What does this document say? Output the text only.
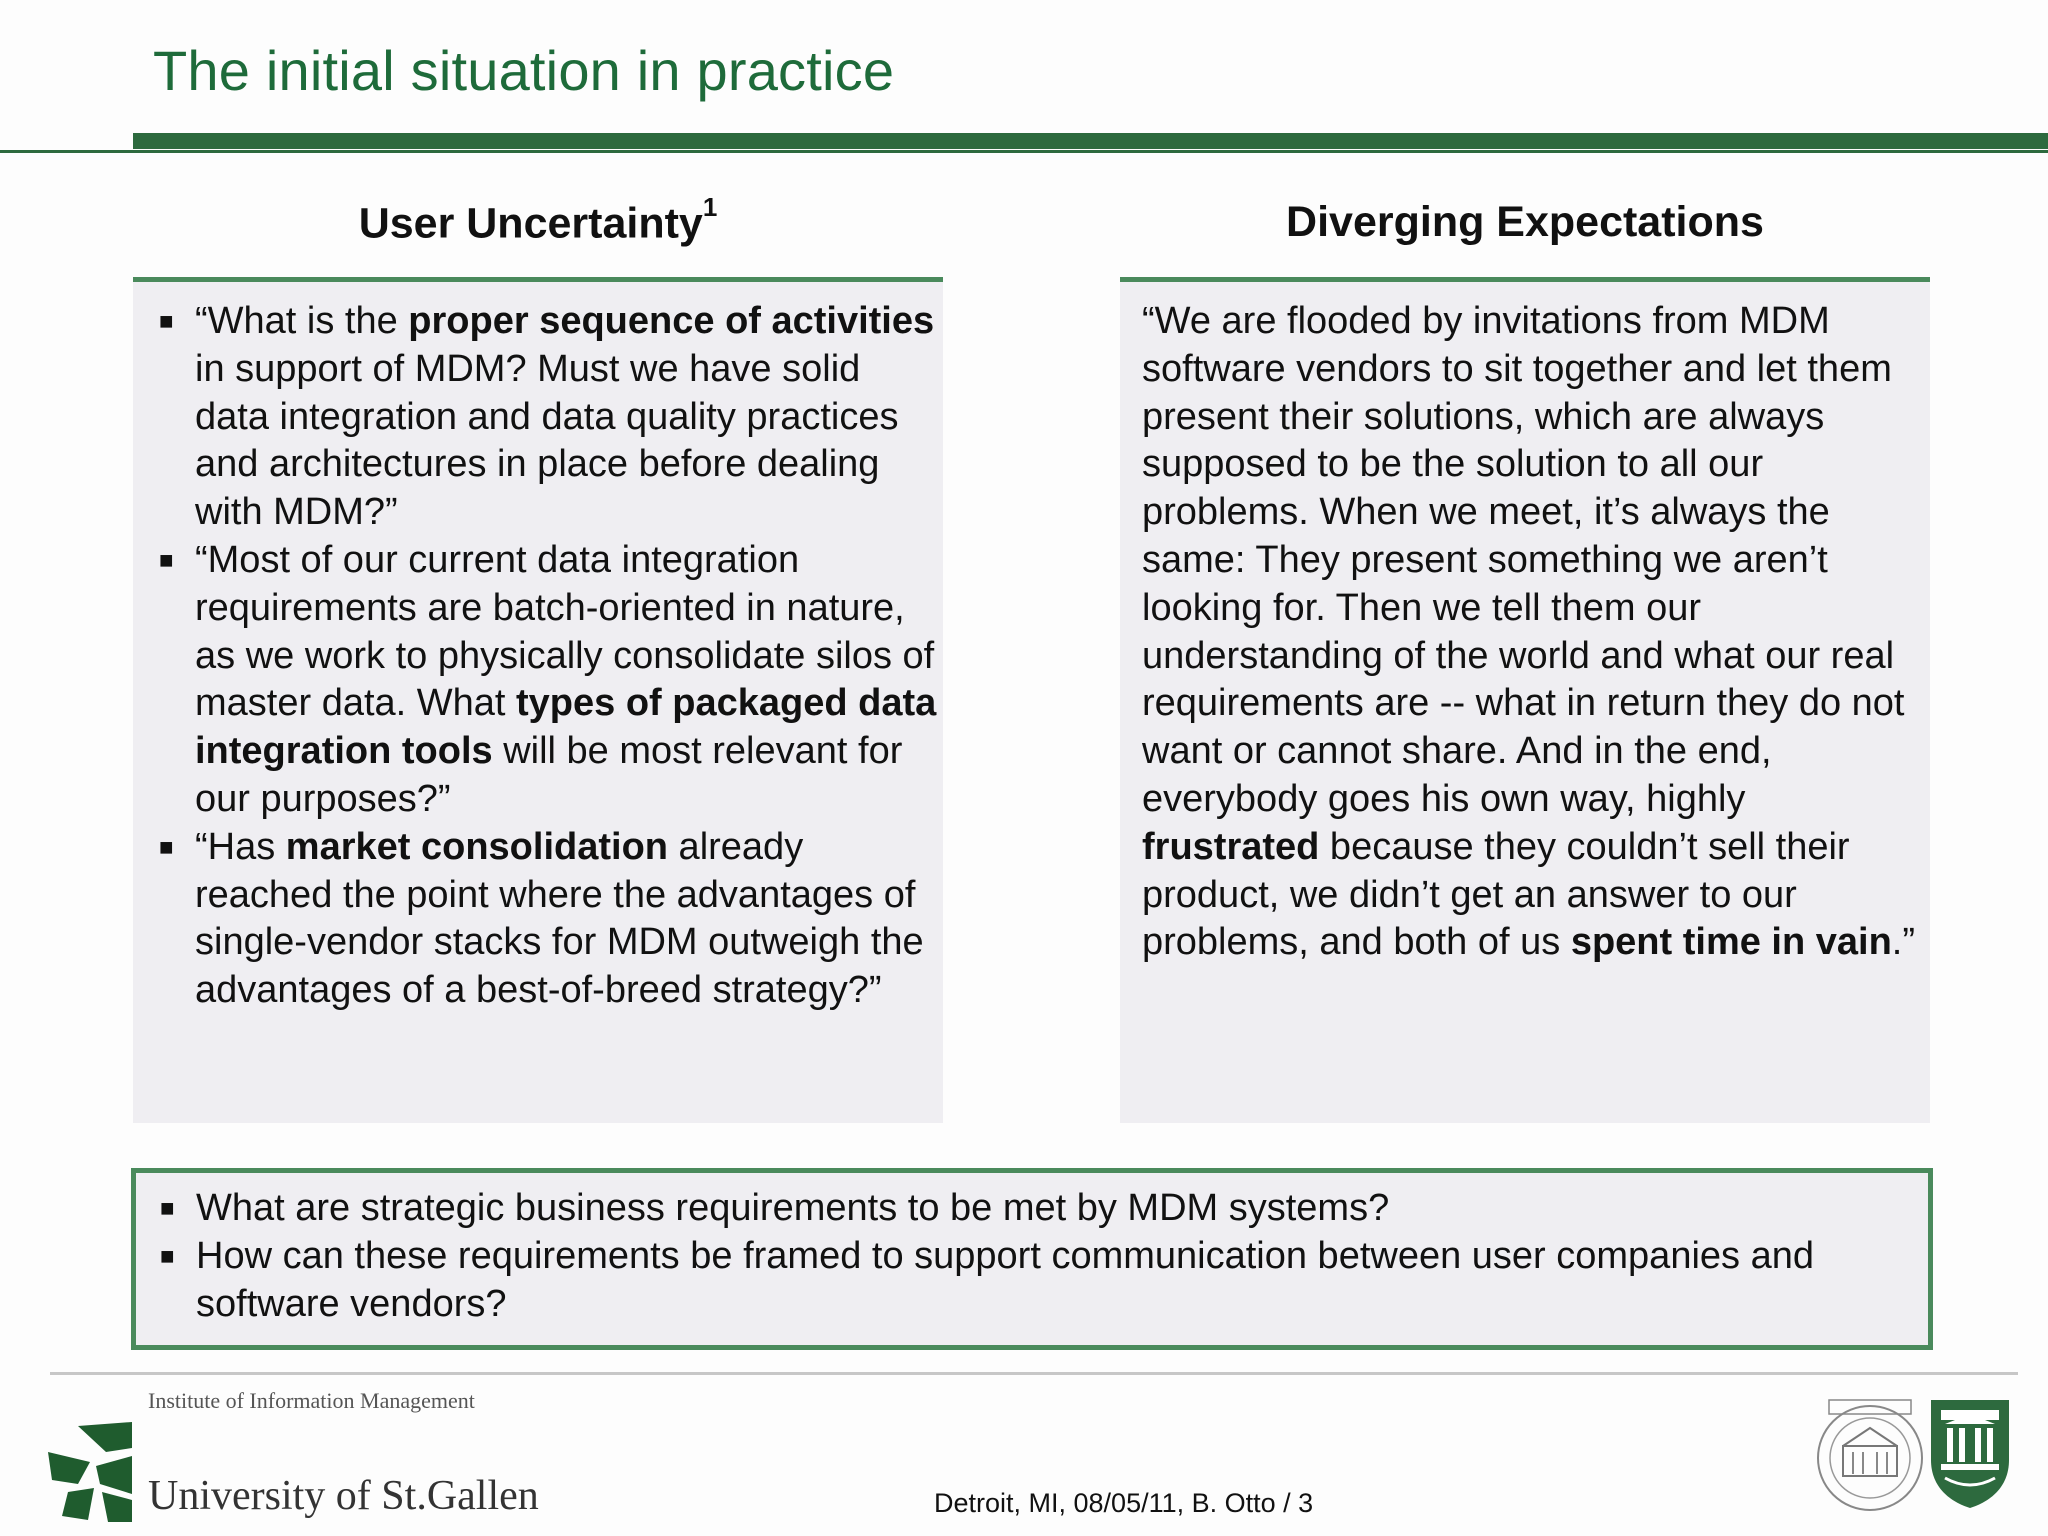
The initial situation in practice
User Uncertainty$^1$	Diverging Expectations
■ “What is the proper sequence of activities in support of MDM? Must we have solid data integration and data quality practices and architectures in place before dealing with MDM?”
■ “Most of our current data integration requirements are batch-oriented in nature, as we work to physically consolidate silos of master data. What types of packaged data integration tools will be most relevant for our purposes?”
■ “Has market consolidation already reached the point where the advantages of single-vendor stacks for MDM outweigh the advantages of a best-of-breed strategy?”

“We are flooded by invitations from MDM software vendors to sit together and let them present their solutions, which are always supposed to be the solution to all our problems. When we meet, it’s always the same: They present something we aren’t looking for. Then we tell them our understanding of the world and what our real requirements are -- what in return they do not want or cannot share. And in the end, everybody goes his own way, highly frustrated because they couldn’t sell their product, we didn’t get an answer to our problems, and both of us spent time in vain.”

■ What are strategic business requirements to be met by MDM systems?
■ How can these requirements be framed to support communication between user companies and software vendors?
Institute of Information Management
University of St.Gallen	Detroit, MI, 08/05/11, B. Otto / 3
